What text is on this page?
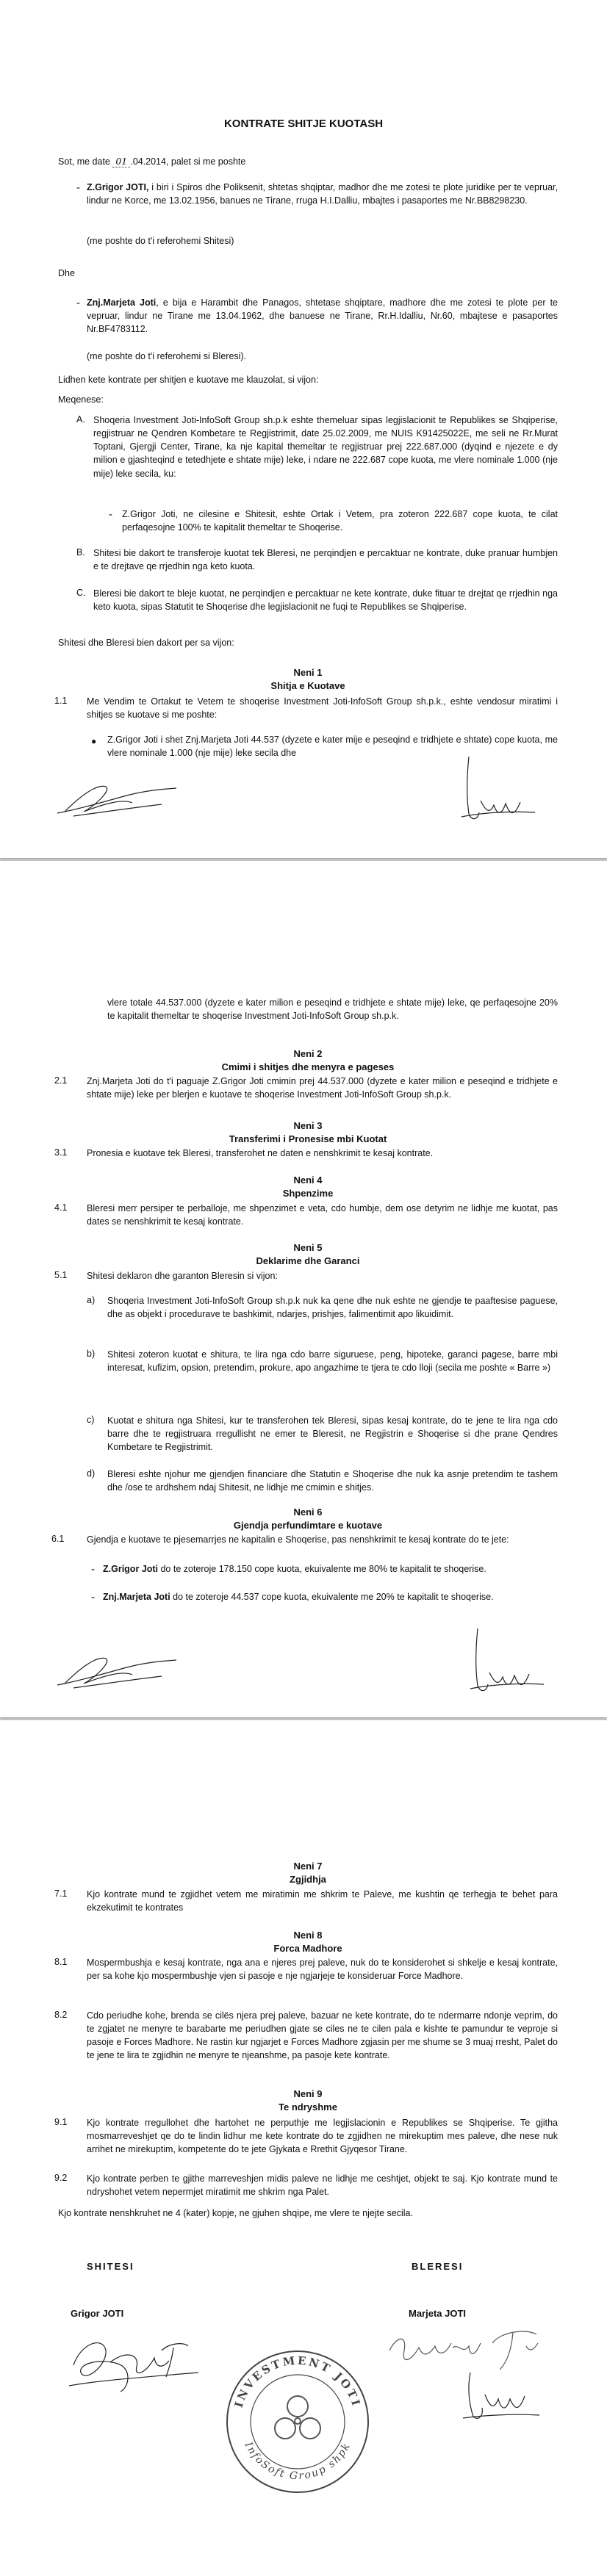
KONTRATE SHITJE KUOTASH
Sot, me date 01 .04.2014, palet si me poshte
- Z.Grigor JOTI, i biri i Spiros dhe Poliksenit, shtetas shqiptar, madhor dhe me zotesi te plote juridike per te vepruar, lindur ne Korce, me 13.02.1956, banues ne Tirane, rruga H.I.Dalliu, mbajtes i pasaportes me Nr.BB8298230.
(me poshte do t'i referohemi Shitesi)
Dhe
- Znj.Marjeta Joti, e bija e Harambit dhe Panagos, shtetase shqiptare, madhore dhe me zotesi te plote per te vepruar, lindur ne Tirane me 13.04.1962, dhe banuese ne Tirane, Rr.H.Idalliu, Nr.60, mbajtese e pasaportes Nr.BF4783112.
(me poshte do t'i referohemi si Bleresi).
Lidhen kete kontrate per shitjen e kuotave me klauzolat, si vijon:
Meqenese:
A. Shoqeria Investment Joti-InfoSoft Group sh.p.k eshte themeluar sipas legjislacionit te Republikes se Shqiperise, regjistruar ne Qendren Kombetare te Regjistrimit, date 25.02.2009, me NUIS K91425022E, me seli ne Rr.Murat Toptani, Gjergji Center, Tirane, ka nje kapital themeltar te regjistruar prej 222.687.000 (dyqind e njezete e dy milion e gjashteqind e tetedhjete e shtate mije) leke, i ndare ne 222.687 cope kuota, me vlere nominale 1.000 (nje mije) leke secila, ku:
- Z.Grigor Joti, ne cilesine e Shitesit, eshte Ortak i Vetem, pra zoteron 222.687 cope kuota, te cilat perfaqesojne 100% te kapitalit themeltar te Shoqerise.
B. Shitesi bie dakort te transferoje kuotat tek Bleresi, ne perqindjen e percaktuar ne kontrate, duke pranuar humbjen e te drejtave qe rrjedhin nga keto kuota.
C. Bleresi bie dakort te bleje kuotat, ne perqindjen e percaktuar ne kete kontrate, duke fituar te drejtat qe rrjedhin nga keto kuota, sipas Statutit te Shoqerise dhe legjislacionit ne fuqi te Republikes se Shqiperise.
Shitesi dhe Bleresi bien dakort per sa vijon:
Neni 1
Shitja e Kuotave
1.1 Me Vendim te Ortakut te Vetem te shoqerise Investment Joti-InfoSoft Group sh.p.k., eshte vendosur miratimi i shitjes se kuotave si me poshte:
● Z.Grigor Joti i shet Znj.Marjeta Joti 44.537 (dyzete e kater mije e peseqind e tridhjete e shtate) cope kuota, me vlere nominale 1.000 (nje mije) leke secila dhe
vlere totale 44.537.000 (dyzete e kater milion e peseqind e tridhjete e shtate mije) leke, qe perfaqesojne 20% te kapitalit themeltar te shoqerise Investment Joti-InfoSoft Group sh.p.k.
Neni 2
Cmimi i shitjes dhe menyra e pageses
2.1 Znj.Marjeta Joti do t'i paguaje Z.Grigor Joti cmimin prej 44.537.000 (dyzete e kater milion e peseqind e tridhjete e shtate mije) leke per blerjen e kuotave te shoqerise Investment Joti-InfoSoft Group sh.p.k.
Neni 3
Transferimi i Pronesise mbi Kuotat
3.1 Pronesia e kuotave tek Bleresi, transferohet ne daten e nenshkrimit te kesaj kontrate.
Neni 4
Shpenzime
4.1 Bleresi merr persiper te perballoje, me shpenzimet e veta, cdo humbje, dem ose detyrim ne lidhje me kuotat, pas dates se nenshkrimit te kesaj kontrate.
Neni 5
Deklarime dhe Garanci
5.1 Shitesi deklaron dhe garanton Bleresin si vijon:
a) Shoqeria Investment Joti-InfoSoft Group sh.p.k nuk ka qene dhe nuk eshte ne gjendje te paaftesise paguese, dhe as objekt i procedurave te bashkimit, ndarjes, prishjes, falimentimit apo likuidimit.
b) Shitesi zoteron kuotat e shitura, te lira nga cdo barre siguruese, peng, hipoteke, garanci pagese, barre mbi interesat, kufizim, opsion, pretendim, prokure, apo angazhime te tjera te cdo lloji (secila me poshte « Barre »)
c) Kuotat e shitura nga Shitesi, kur te transferohen tek Bleresi, sipas kesaj kontrate, do te jene te lira nga cdo barre dhe te regjistruara rregullisht ne emer te Bleresit, ne Regjistrin e Shoqerise si dhe prane Qendres Kombetare te Regjistrimit.
d) Bleresi eshte njohur me gjendjen financiare dhe Statutin e Shoqerise dhe nuk ka asnje pretendim te tashem dhe /ose te ardhshem ndaj Shitesit, ne lidhje me cmimin e shitjes.
Neni 6
Gjendja perfundimtare e kuotave
6.1 Gjendja e kuotave te pjesemarrjes ne kapitalin e Shoqerise, pas nenshkrimit te kesaj kontrate do te jete:
- Z.Grigor Joti do te zoteroje 178.150 cope kuota, ekuivalente me 80% te kapitalit te shoqerise.
- Znj.Marjeta Joti do te zoteroje 44.537 cope kuota, ekuivalente me 20% te kapitalit te shoqerise.
Neni 7
Zgjidhja
7.1 Kjo kontrate mund te zgjidhet vetem me miratimin me shkrim te Paleve, me kushtin qe terhegja te behet para ekzekutimit te kontrates
Neni 8
Forca Madhore
8.1 Mospermbushja e kesaj kontrate, nga ana e njeres prej paleve, nuk do te konsiderohet si shkelje e kesaj kontrate, per sa kohe kjo mospermbushje vjen si pasoje e nje ngjarjeje te konsideruar Force Madhore.
8.2 Cdo periudhe kohe, brenda se cilës njera prej paleve, bazuar ne kete kontrate, do te ndermarre ndonje veprim, do te zgjatet ne menyre te barabarte me periudhen gjate se ciles ne te cilen pala e kishte te pamundur te veproje si pasoje e Forces Madhore. Ne rastin kur ngjarjet e Forces Madhore zgjasin per me shume se 3 muaj rresht, Palet do te jene te lira te zgjidhin ne menyre te njeanshme, pa pasoje kete kontrate.
Neni 9
Te ndryshme
9.1 Kjo kontrate rregullohet dhe hartohet ne perputhje me legjislacionin e Republikes se Shqiperise. Te gjitha mosmarreveshjet qe do te lindin lidhur me kete kontrate do te zgjidhen ne mirekuptim mes paleve, dhe nese nuk arrihet ne mirekuptim, kompetente do te jete Gjykata e Rrethit Gjyqesor Tirane.
9.2 Kjo kontrate perben te gjithe marreveshjen midis paleve ne lidhje me ceshtjet, objekt te saj. Kjo kontrate mund te ndryshohet vetem nepermjet miratimit me shkrim nga Palet.
Kjo kontrate nenshkruhet ne 4 (kater) kopje, ne gjuhen shqipe, me vlere te njejte secila.
SHITESI	BLERESI
Grigor JOTI	Marjeta JOTI
INVESTMENT JOTI
InfoSoft Group shpk
